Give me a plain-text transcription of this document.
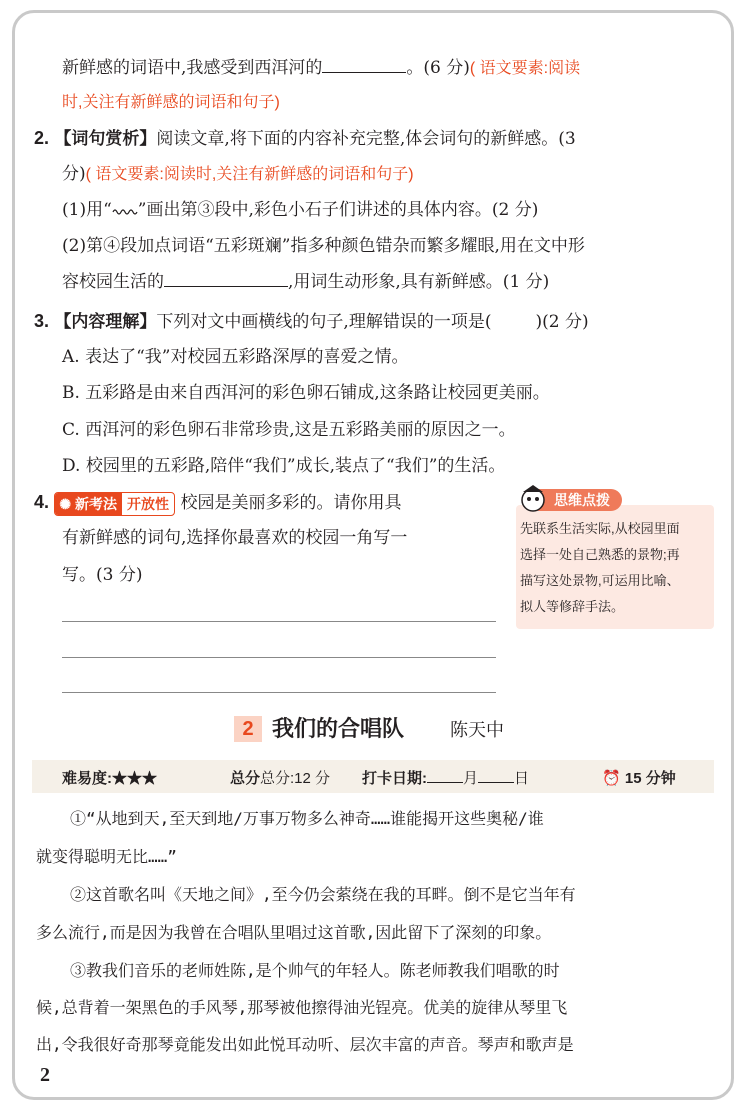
新鲜感的词语中,我感受到西洱河的	。(6 分)( 语文要素:阅读
时,关注有新鲜感的词语和句子)
2. 【词句赏析】阅读文章,将下面的内容补充完整,体会词句的新鲜感。(3
分)( 语文要素:阅读时,关注有新鲜感的词语和句子)
(1)用“ ”画出第③段中,彩色小石子们讲述的具体内容。(2 分)
(2)第④段加点词语“五彩斑斓”指多种颜色错杂而繁多耀眼,用在文中形
容校园生活的	,用词生动形象,具有新鲜感。(1 分)
3. 【内容理解】下列对文中画横线的句子,理解错误的一项是(	)(2 分)
A. 表达了“我”对校园五彩路深厚的喜爱之情。
B. 五彩路是由来自西洱河的彩色卵石铺成,这条路让校园更美丽。
C. 西洱河的彩色卵石非常珍贵,这是五彩路美丽的原因之一。
D. 校园里的五彩路,陪伴“我们”成长,装点了“我们”的生活。
4. ✺ 新考法 开放性 校园是美丽多彩的。请你用具
有新鲜感的词句,选择你最喜欢的校园一角写一
写。(3 分)
思维点拨
先联系生活实际,从校园里面
选择一处自己熟悉的景物;再
描写这处景物,可运用比喻、
拟人等修辞手法。
2 我们的合唱队	陈天中
难易度:★★★	总分总分:12 分 打卡日期: 月 日	⏰ 15 分钟
①“从地到天,至天到地/万事万物多么神奇……谁能揭开这些奥秘/谁
就变得聪明无比……”
②这首歌名叫《天地之间》,至今仍会萦绕在我的耳畔。倒不是它当年有
多么流行,而是因为我曾在合唱队里唱过这首歌,因此留下了深刻的印象。
③教我们音乐的老师姓陈,是个帅气的年轻人。陈老师教我们唱歌的时
候,总背着一架黑色的手风琴,那琴被他擦得油光锃亮。优美的旋律从琴里飞
出,令我很好奇那琴竟能发出如此悦耳动听、层次丰富的声音。琴声和歌声是
2
